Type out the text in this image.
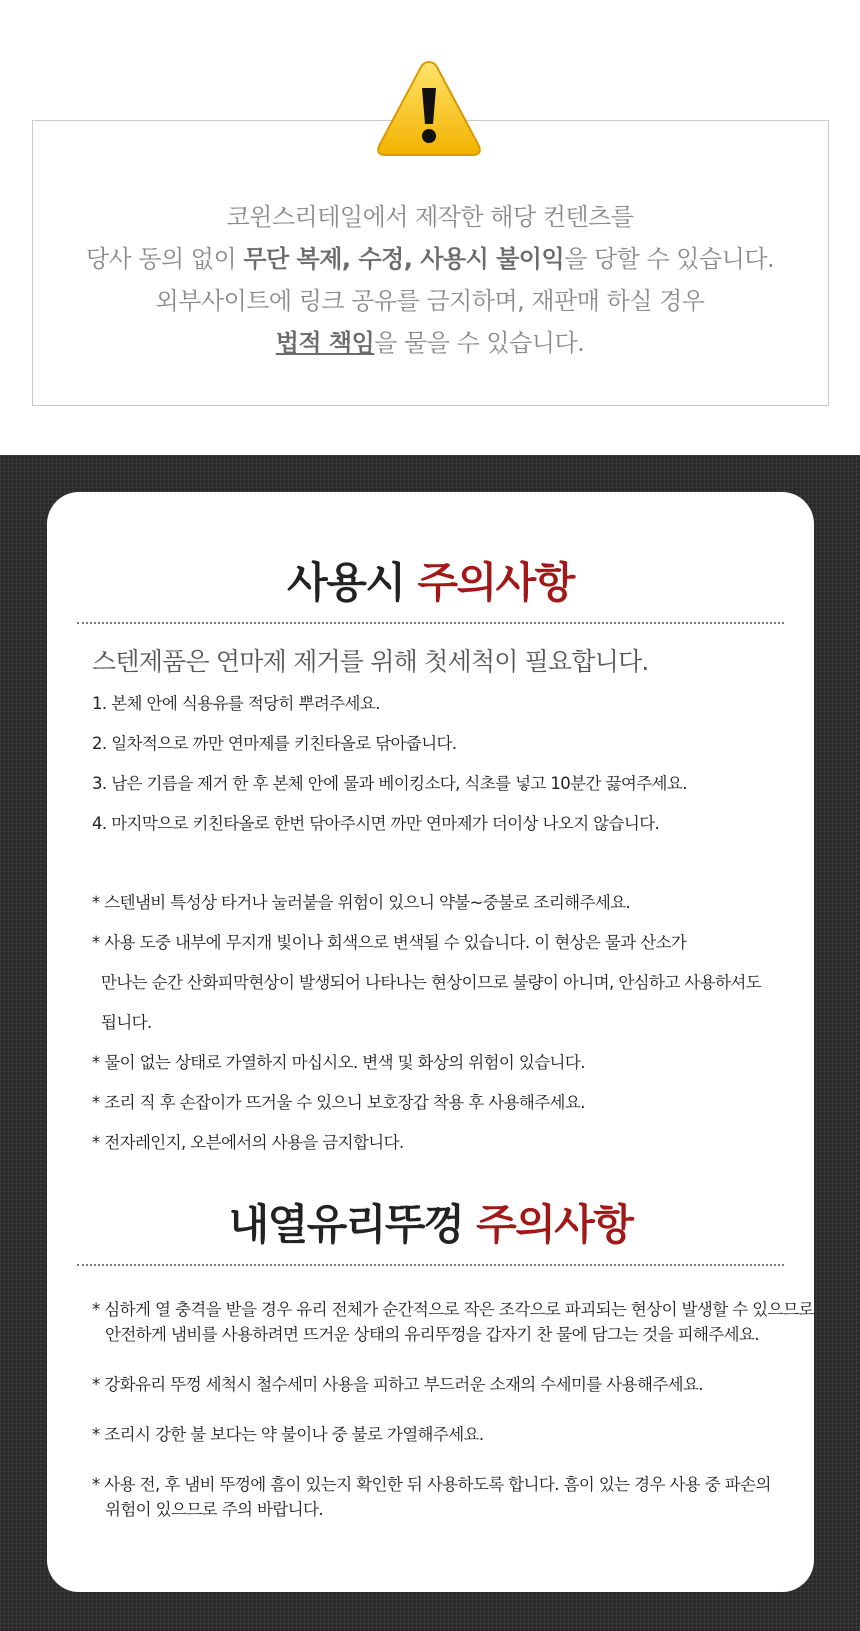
코윈스리테일에서 제작한 해당 컨텐츠를
당사 동의 없이 무단 복제, 수정, 사용시 불이익을 당할 수 있습니다.
외부사이트에 링크 공유를 금지하며, 재판매 하실 경우
법적 책임을 물을 수 있습니다.
사용시 주의사항
스텐제품은 연마제 제거를 위해 첫세척이 필요합니다.
1. 본체 안에 식용유를 적당히 뿌려주세요.
2. 일차적으로 까만 연마제를 키친타올로 닦아줍니다.
3. 남은 기름을 제거 한 후 본체 안에 물과 베이킹소다, 식초를 넣고 10분간 끓여주세요.
4. 마지막으로 키친타올로 한번 닦아주시면 까만 연마제가 더이상 나오지 않습니다.
* 스텐냄비 특성상 타거나 눌러붙을 위험이 있으니 약불~중불로 조리해주세요.
* 사용 도중 내부에 무지개 빛이나 회색으로 변색될 수 있습니다. 이 현상은 물과 산소가
만나는 순간 산화피막현상이 발생되어 나타나는 현상이므로 불량이 아니며, 안심하고 사용하셔도
됩니다.
* 물이 없는 상태로 가열하지 마십시오. 변색 및 화상의 위험이 있습니다.
* 조리 직 후 손잡이가 뜨거울 수 있으니 보호장갑 착용 후 사용해주세요.
* 전자레인지, 오븐에서의 사용을 금지합니다.
내열유리뚜껑 주의사항
* 심하게 열 충격을 받을 경우 유리 전체가 순간적으로 작은 조각으로 파괴되는 현상이 발생할 수 있으므로
안전하게 냄비를 사용하려면 뜨거운 상태의 유리뚜껑을 갑자기 찬 물에 담그는 것을 피해주세요.
* 강화유리 뚜껑 세척시 철수세미 사용을 피하고 부드러운 소재의 수세미를 사용해주세요.
* 조리시 강한 불 보다는 약 불이나 중 불로 가열해주세요.
* 사용 전, 후 냄비 뚜껑에 흠이 있는지 확인한 뒤 사용하도록 합니다. 흠이 있는 경우 사용 중 파손의
위험이 있으므로 주의 바랍니다.
